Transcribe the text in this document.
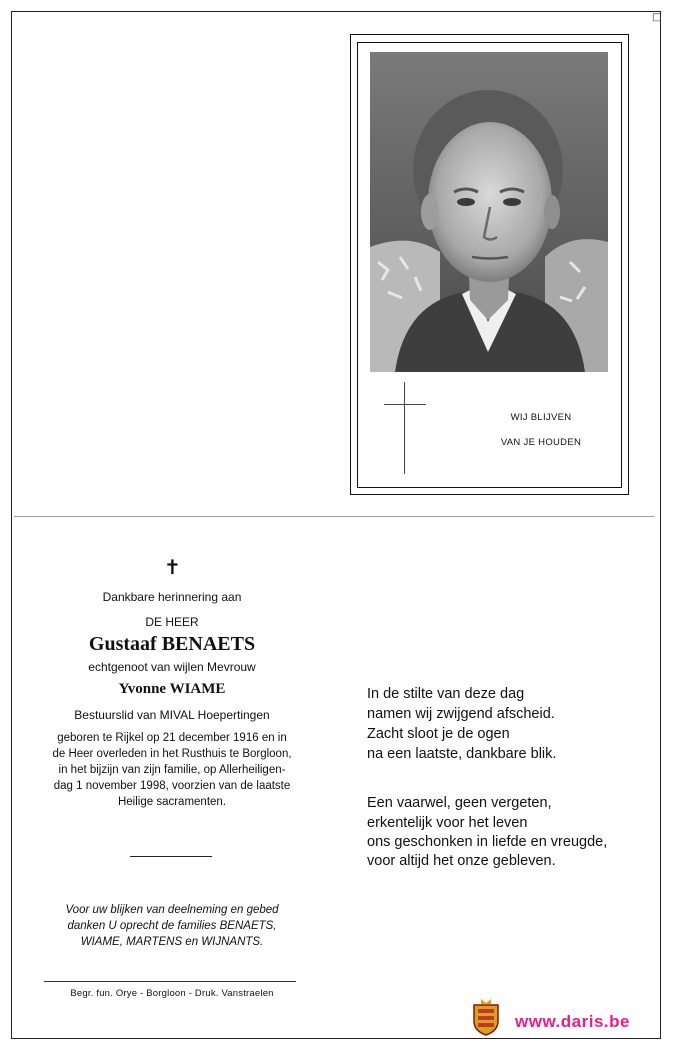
□
WIJ BLIJVEN
VAN JE HOUDEN
✝
Dankbare herinnering aan
DE HEER
Gustaaf BENAETS
echtgenoot van wijlen Mevrouw
Yvonne WIAME
Bestuurslid van MIVAL Hoepertingen
geboren te Rijkel op 21 december 1916 en in
de Heer overleden in het Rusthuis te Borgloon,
in het bijzijn van zijn familie, op Allerheiligen-
dag 1 november 1998, voorzien van de laatste
Heilige sacramenten.
Voor uw blijken van deelneming en gebed
danken U oprecht de families BENAETS,
WIAME, MARTENS en WIJNANTS.
Begr. fun. Orye - Borgloon - Druk. Vanstraelen
In de stilte van deze dag
namen wij zwijgend afscheid.
Zacht sloot je de ogen
na een laatste, dankbare blik.
Een vaarwel, geen vergeten,
erkentelijk voor het leven
ons geschonken in liefde en vreugde,
voor altijd het onze gebleven.
www.daris.be
